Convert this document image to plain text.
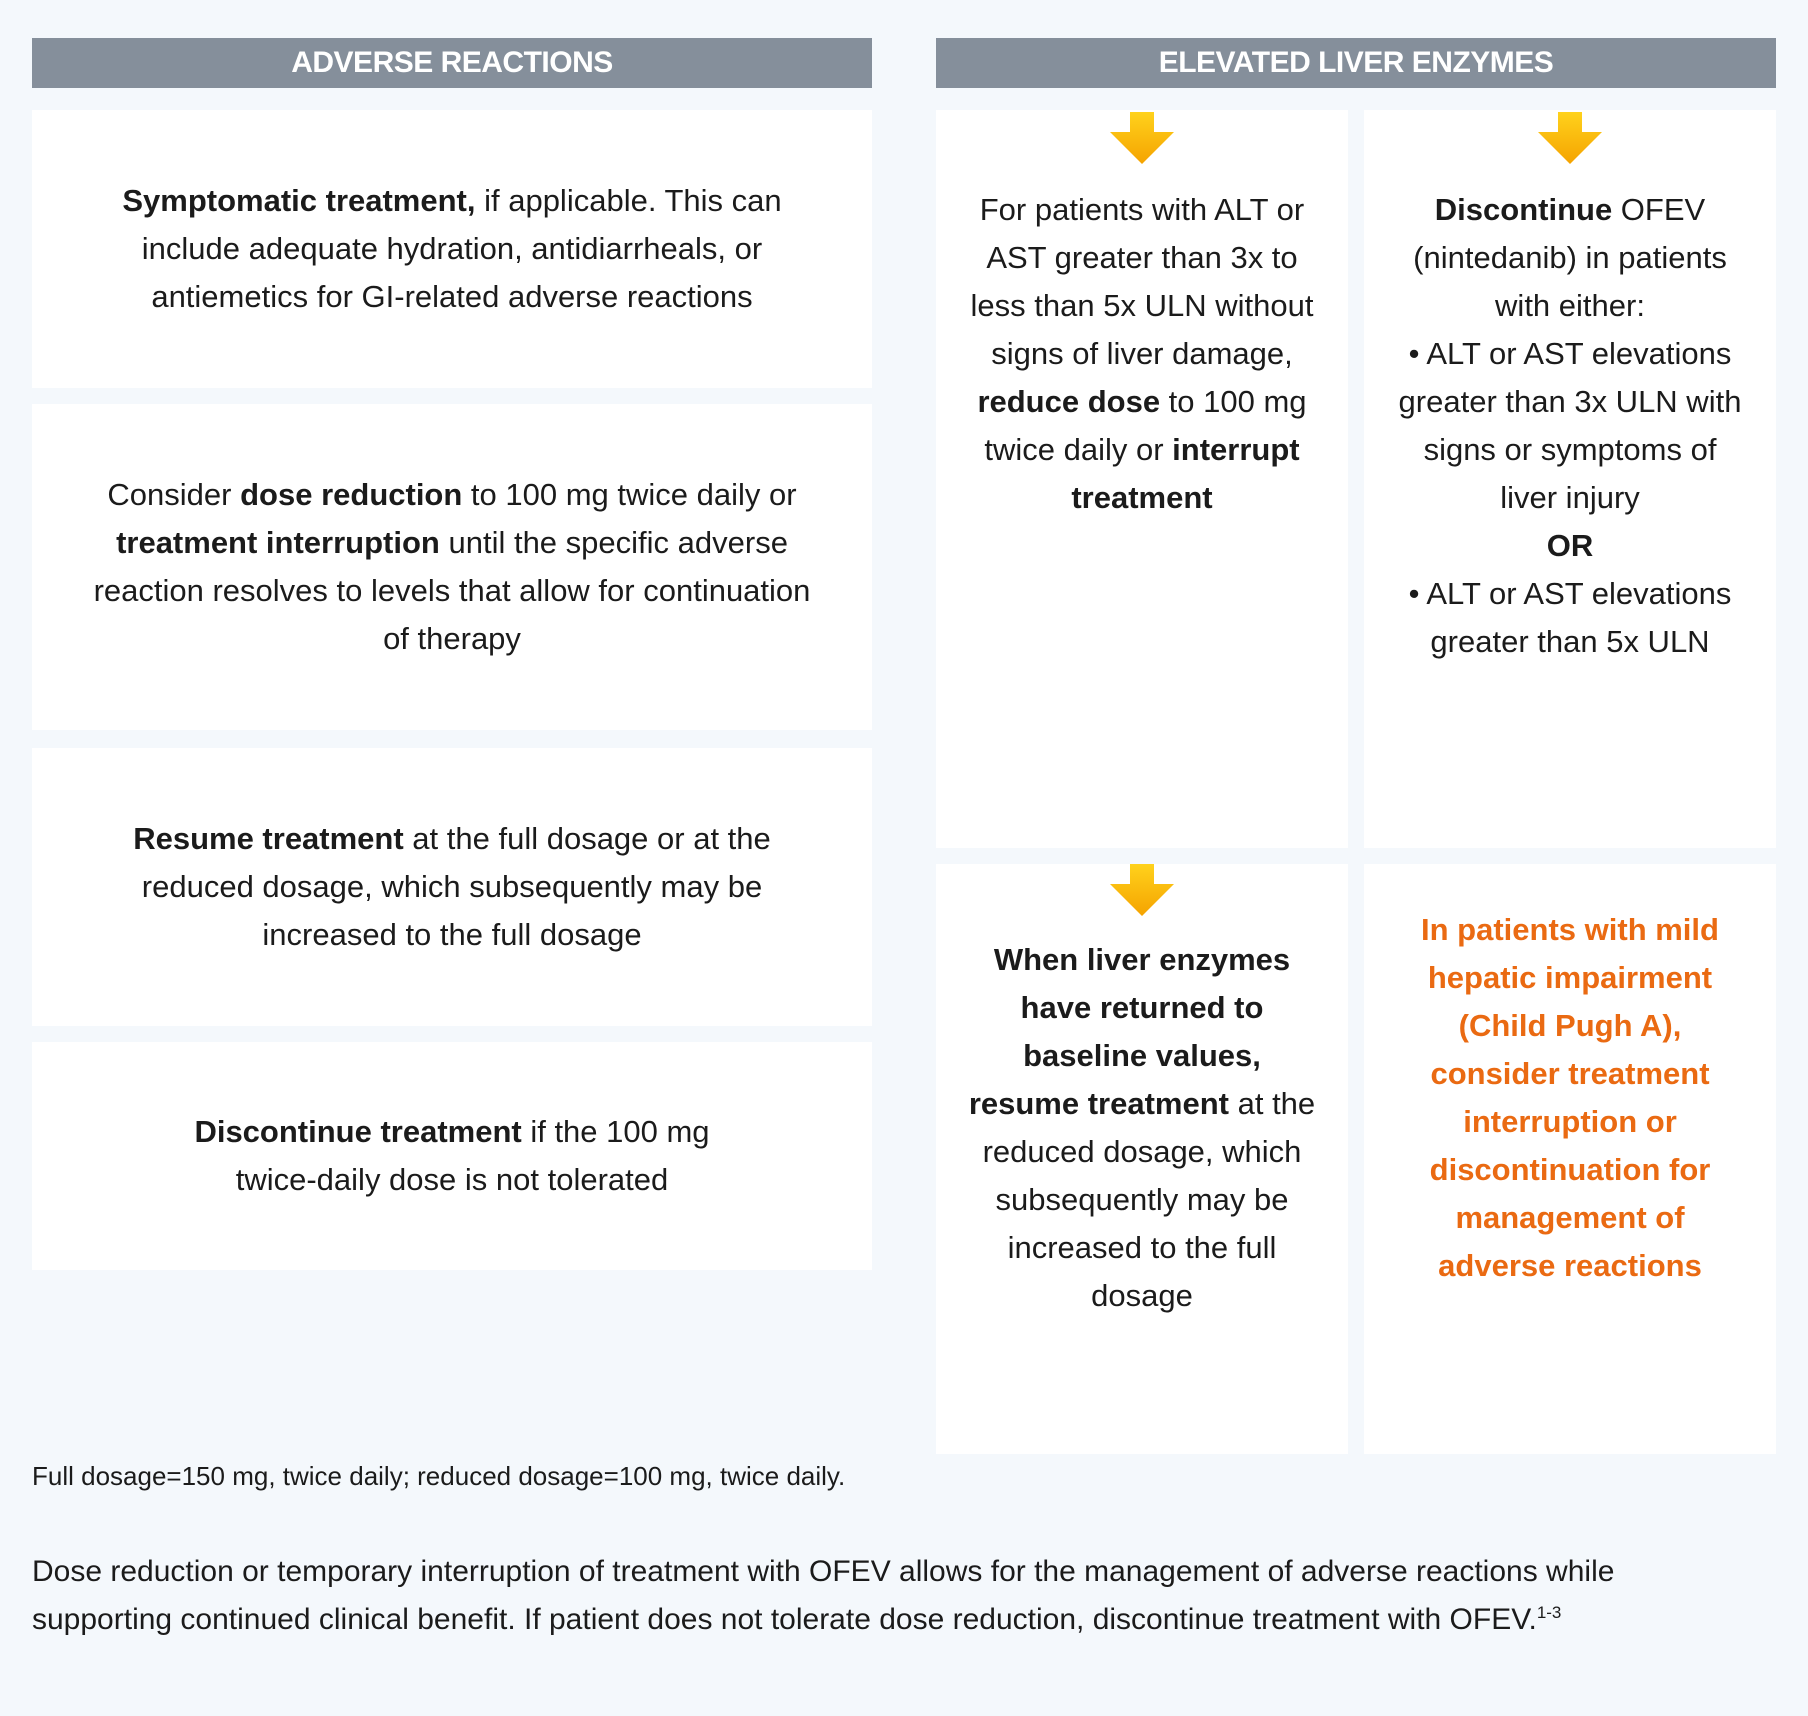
ADVERSE REACTIONS	ELEVATED LIVER ENZYMES

Symptomatic treatment, if applicable. This can include adequate hydration, antidiarrheals, or antiemetics for GI-related adverse reactions

Consider dose reduction to 100 mg twice daily or treatment interruption until the specific adverse reaction resolves to levels that allow for continuation of therapy

Resume treatment at the full dosage or at the reduced dosage, which subsequently may be increased to the full dosage

Discontinue treatment if the 100 mg twice-daily dose is not tolerated

For patients with ALT or AST greater than 3x to less than 5x ULN without signs of liver damage, reduce dose to 100 mg twice daily or interrupt treatment

Discontinue OFEV (nintedanib) in patients with either:

• ALT or AST elevations greater than 3x ULN with signs or symptoms of liver injury

OR

• ALT or AST elevations greater than 5x ULN

When liver enzymes have returned to baseline values, resume treatment at the reduced dosage, which subsequently may be increased to the full dosage

In patients with mild hepatic impairment (Child Pugh A), consider treatment interruption or discontinuation for management of adverse reactions

Full dosage=150 mg, twice daily; reduced dosage=100 mg, twice daily.
Dose reduction or temporary interruption of treatment with OFEV allows for the management of adverse reactions while supporting continued clinical benefit. If patient does not tolerate dose reduction, discontinue treatment with OFEV.$^{1-3}$
